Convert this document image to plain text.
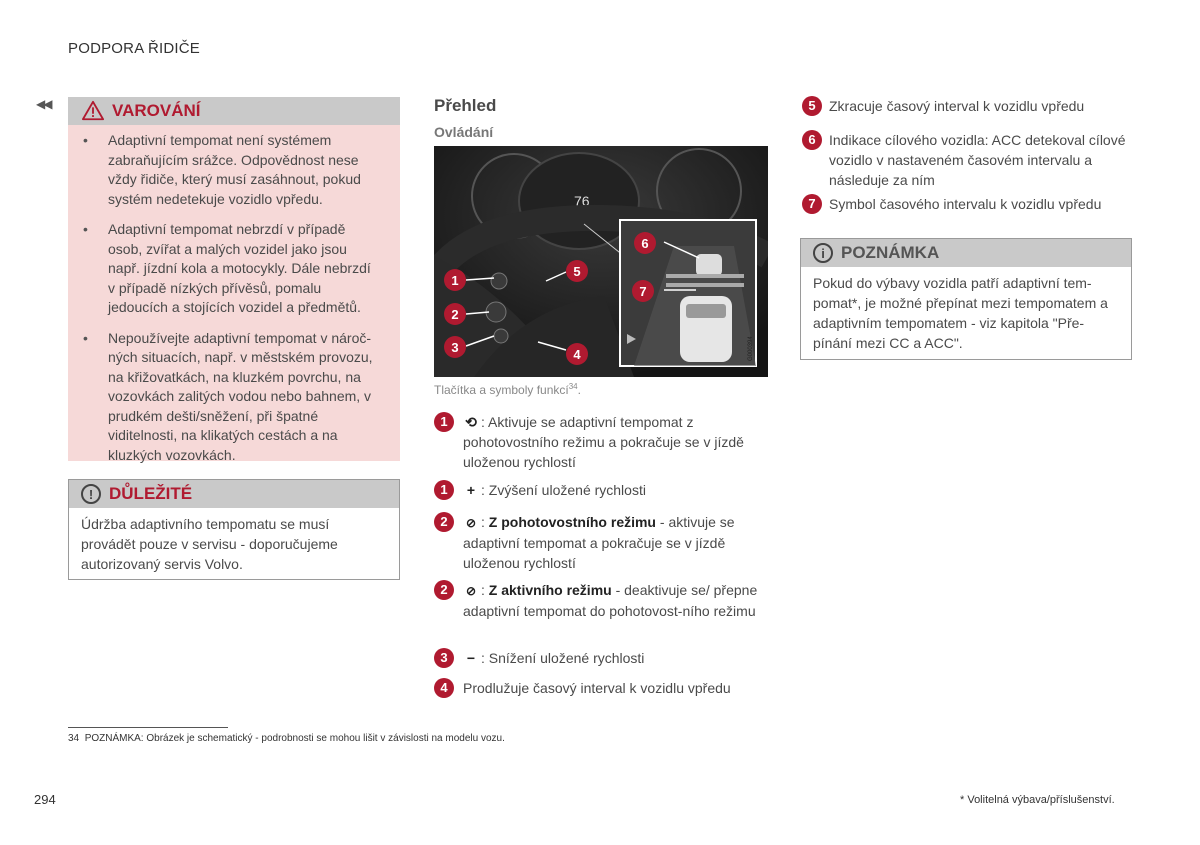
PODPORA ŘIDIČE
◀◀	VAROVÁNÍ
• Adaptivní tempomat není systémem zabraňujícím srážce. Odpovědnost nese vždy řidiče, který musí zasáhnout, pokud systém nedetekuje vozidlo vpředu.
• Adaptivní tempomat nebrzdí v případě osob, zvířat a malých vozidel jako jsou např. jízdní kola a motocykly. Dále nebrzdí v případě nízkých přívěsů, pomalu jedoucích a stojících vozidel a předmětů.
• Nepoužívejte adaptivní tempomat v nároč- ných situacích, např. v městském provozu, na křižovatkách, na kluzkém povrchu, na vozovkách zalitých vodou nebo bahnem, v prudkém dešti/sněžení, při špatné viditelnosti, na klikatých cestách a na kluzkých vozovkách.
! DŮLEŽITÉ
Údržba adaptivního tempomatu se musí provádět pouze v servisu - doporučujeme autorizovaný servis Volvo.
Přehled
Ovládání
76
G000394
1
2
3	4
5
6
7
Tlačítka a symboly funkcí$^{34}$.
1	⟲ : Aktivuje se adaptivní tempomat z pohotovostního režimu a pokračuje se v jízdě uloženou rychlostí
1	+ : Zvýšení uložené rychlosti
2	⊘ : Z pohotovostního režimu - aktivuje se adaptivní tempomat a pokračuje se v jízdě uloženou rychlostí
2	⊘ : Z aktivního režimu - deaktivuje se/ přepne adaptivní tempomat do pohotovost-ního režimu
3	− : Snížení uložené rychlosti
4	Prodlužuje časový interval k vozidlu vpředu
5 Zkracuje časový interval k vozidlu vpředu
6 Indikace cílového vozidla: ACC detekoval cílové vozidlo v nastaveném časovém intervalu a následuje za ním
7 Symbol časového intervalu k vozidlu vpředu
i POZNÁMKA
Pokud do výbavy vozidla patří adaptivní tem-pomat*, je možné přepínat mezi tempomatem a adaptivním tempomatem - viz kapitola "Pře-pínání mezi CC a ACC".
34 POZNÁMKA: Obrázek je schematický - podrobnosti se mohou lišit v závislosti na modelu vozu.
294	* Volitelná výbava/příslušenství.
